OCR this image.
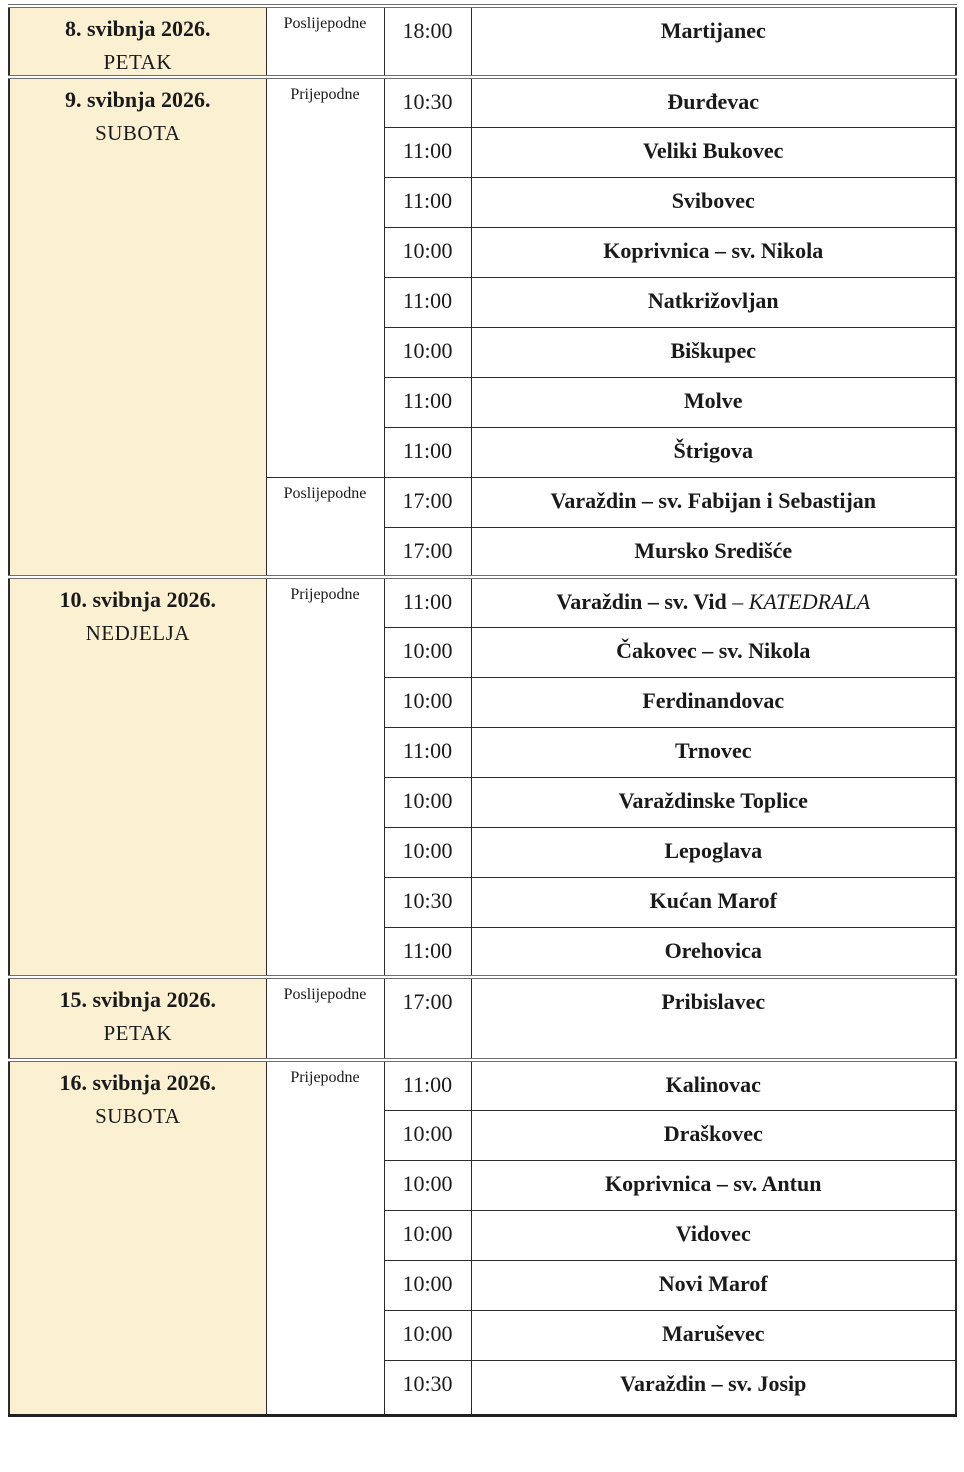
8. svibnja 2026.
PETAK	Poslijepodne	18:00	Martijanec

9. svibnja 2026.
SUBOTA	Prijepodne	10:30	Đurđevac
		11:00	Veliki Bukovec
		11:00	Svibovec
		10:00	Koprivnica – sv. Nikola
		11:00	Natkrižovljan
		10:00	Biškupec
		11:00	Molve
		11:00	Štrigova
	Poslijepodne	17:00	Varaždin – sv. Fabijan i Sebastijan
		17:00	Mursko Središće

10. svibnja 2026.
NEDJELJA	Prijepodne	11:00	Varaždin – sv. Vid – KATEDRALA
		10:00	Čakovec – sv. Nikola
		10:00	Ferdinandovac
		11:00	Trnovec
		10:00	Varaždinske Toplice
		10:00	Lepoglava
		10:30	Kućan Marof
		11:00	Orehovica

15. svibnja 2026.
PETAK	Poslijepodne	17:00	Pribislavec

16. svibnja 2026.
SUBOTA	Prijepodne	11:00	Kalinovac
		10:00	Draškovec
		10:00	Koprivnica – sv. Antun
		10:00	Vidovec
		10:00	Novi Marof
		10:00	Maruševec
		10:30	Varaždin – sv. Josip
